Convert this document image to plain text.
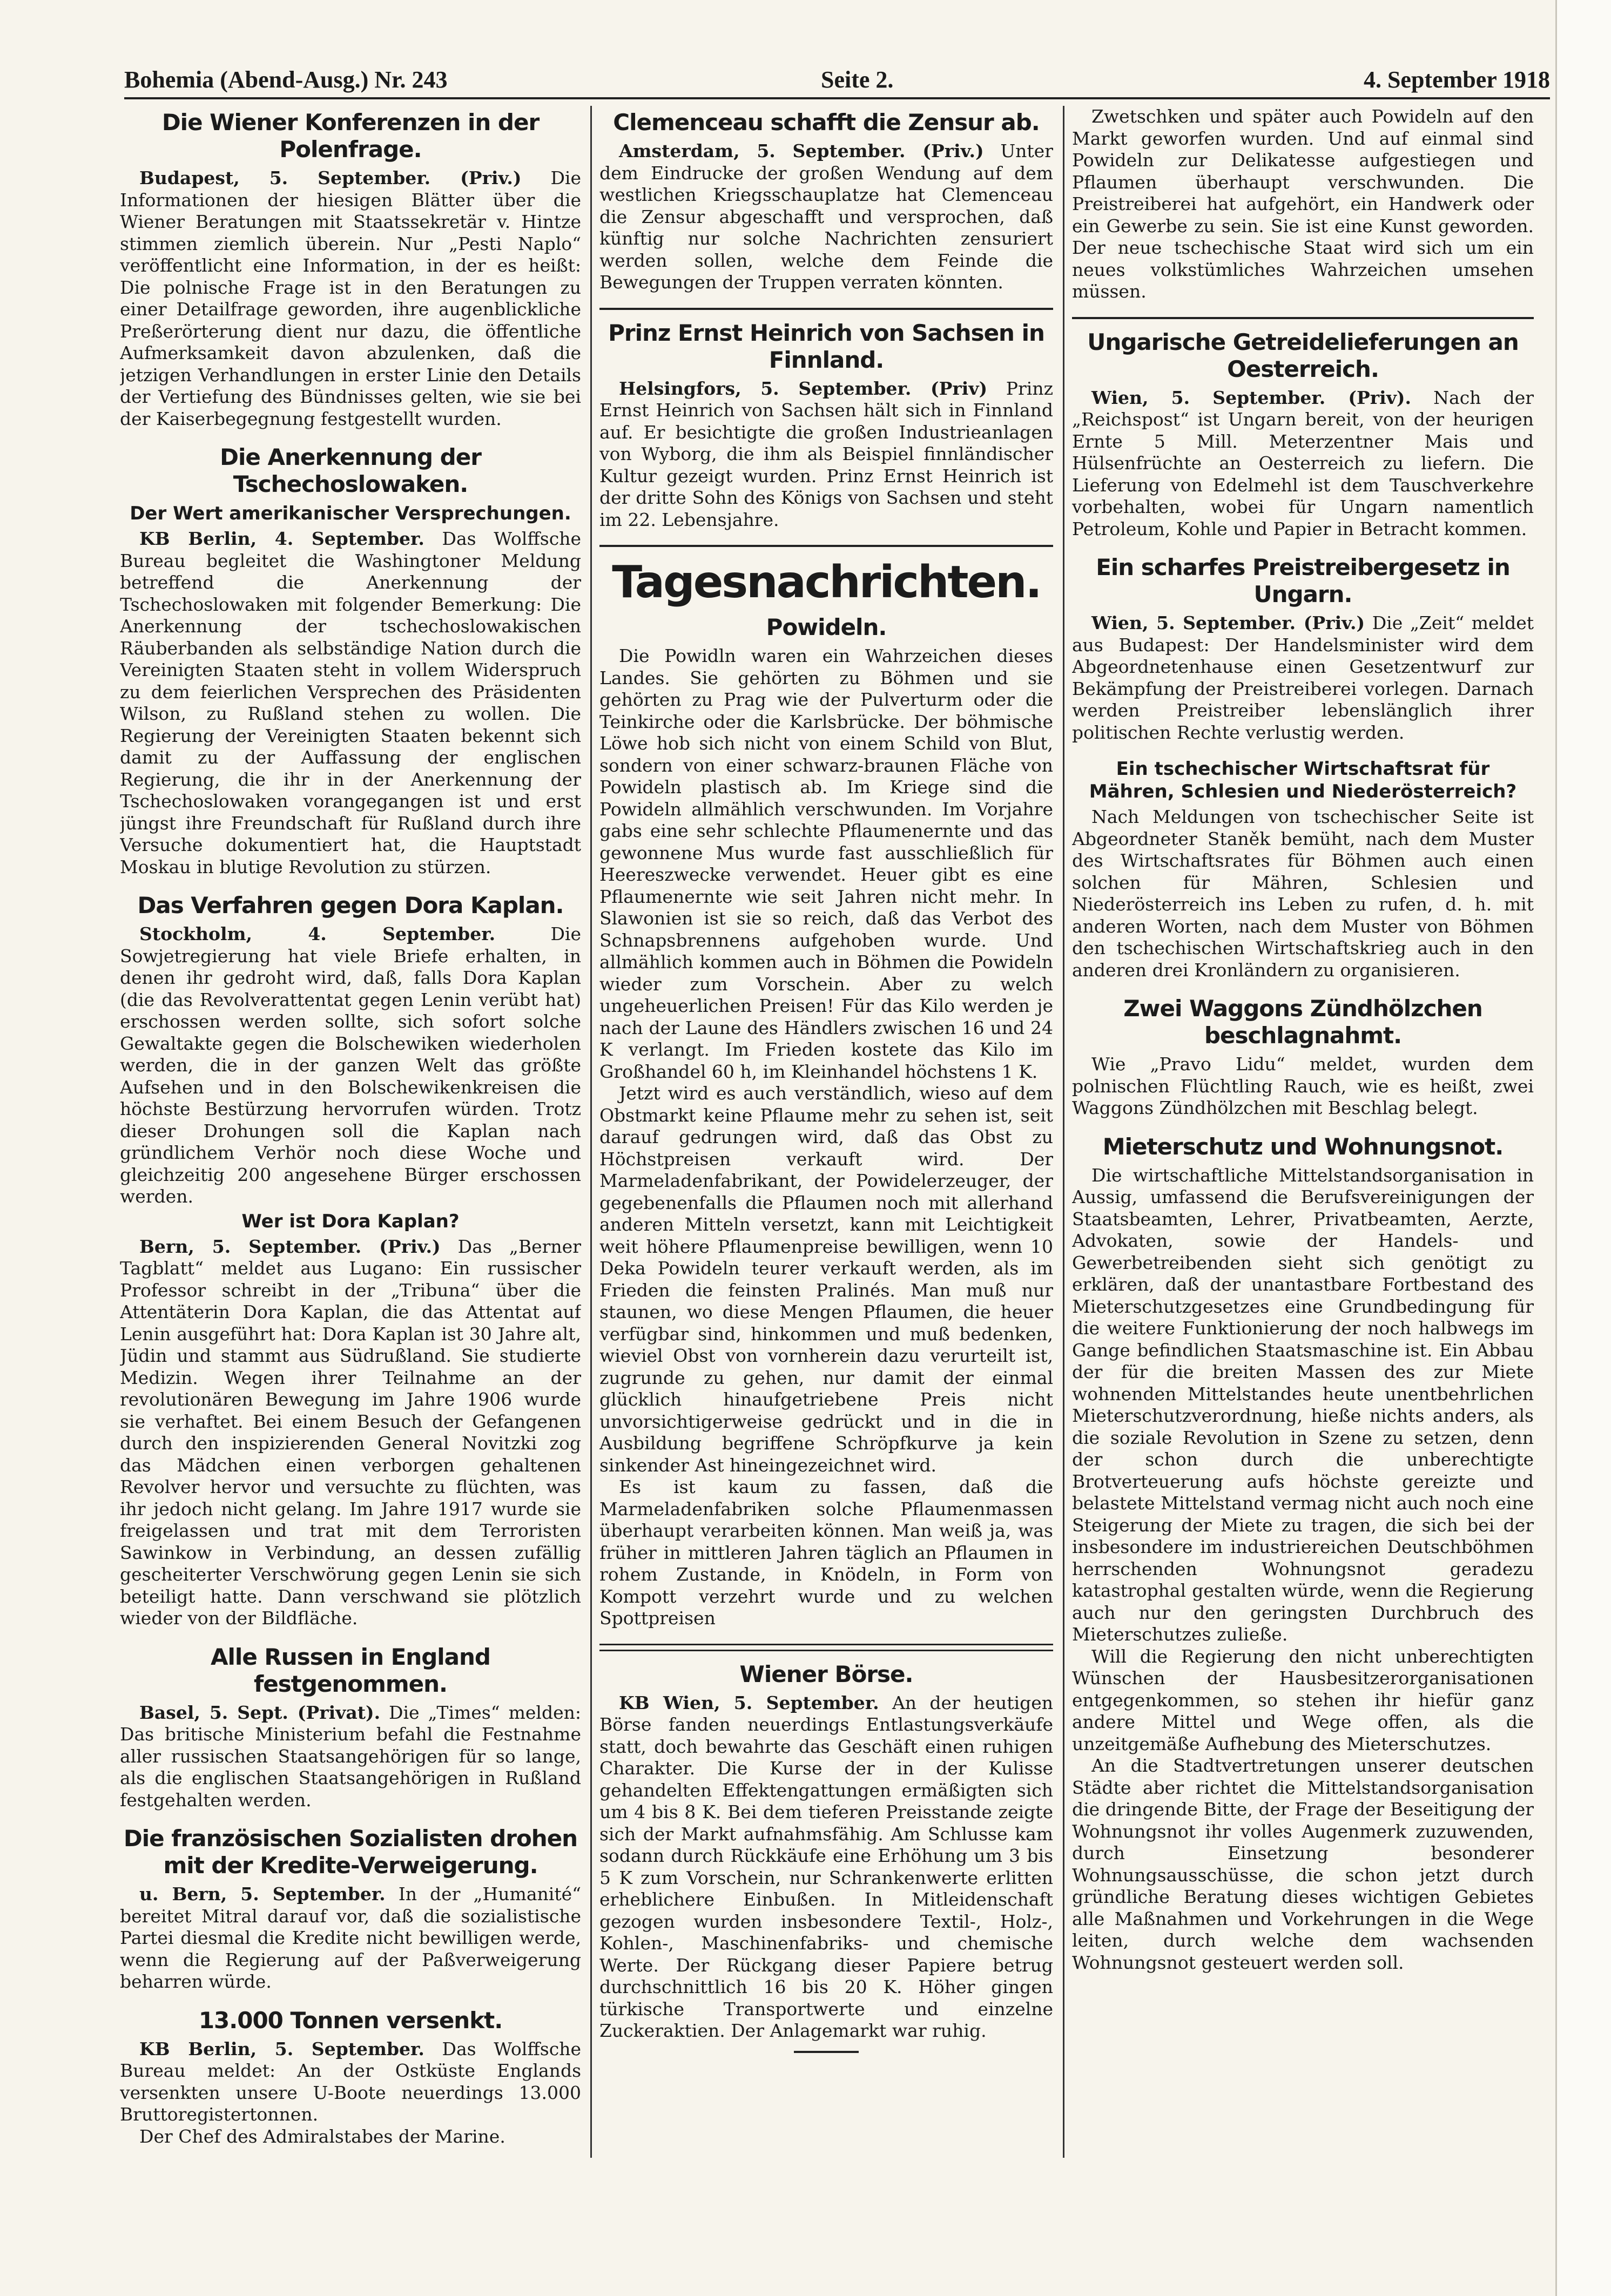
Bohemia (Abend-Ausg.) Nr. 243	Seite 2.	4. September 1918
Die Wiener Konferenzen in der Polenfrage.

Budapest, 5. September. (Priv.) Die Informationen der hiesigen Blätter über die Wiener Beratungen mit Staatssekretär v. Hintze stimmen ziemlich überein. Nur „Pesti Naplo“ veröffentlicht eine Information, in der es heißt: Die polnische Frage ist in den Beratungen zu einer Detailfrage geworden, ihre augenblickliche Preßerörterung dient nur dazu, die öffentliche Aufmerksamkeit davon abzulenken, daß die jetzigen Verhandlungen in erster Linie den Details der Vertiefung des Bündnisses gelten, wie sie bei der Kaiserbegegnung festgestellt wurden.

Die Anerkennung der Tschechoslowaken.
Der Wert amerikanischer Versprechungen.

KB Berlin, 4. September. Das Wolffsche Bureau begleitet die Washingtoner Meldung betreffend die Anerkennung der Tschechoslowaken mit folgender Bemerkung: Die Anerkennung der tschechoslowakischen Räuberbanden als selbständige Nation durch die Vereinigten Staaten steht in vollem Widerspruch zu dem feierlichen Versprechen des Präsidenten Wilson, zu Rußland stehen zu wollen. Die Regierung der Vereinigten Staaten bekennt sich damit zu der Auffassung der englischen Regierung, die ihr in der Anerkennung der Tschechoslowaken vorangegangen ist und erst jüngst ihre Freundschaft für Rußland durch ihre Versuche dokumentiert hat, die Hauptstadt Moskau in blutige Revolution zu stürzen.

Das Verfahren gegen Dora Kaplan.

Stockholm, 4. September.	Die Sowjetregierung hat viele Briefe erhalten, in denen ihr gedroht wird, daß, falls Dora Kaplan (die das Revolverattentat gegen Lenin verübt hat) erschossen werden sollte, sich sofort solche Gewaltakte gegen die Bolschewiken wiederholen werden, die in der ganzen Welt das größte Aufsehen und in den Bolschewikenkreisen die höchste Bestürzung hervorrufen würden. Trotz dieser Drohungen soll die Kaplan nach gründlichem Verhör noch diese Woche und gleichzeitig 200 angesehene Bürger erschossen werden.

Wer ist Dora Kaplan?

Bern, 5. September. (Priv.) Das „Berner Tagblatt“ meldet aus Lugano: Ein russischer Professor schreibt in der „Tribuna“ über die Attentäterin Dora Kaplan, die das Attentat auf Lenin ausgeführt hat: Dora Kaplan ist 30 Jahre alt, Jüdin und stammt aus Südrußland. Sie studierte Medizin. Wegen ihrer Teilnahme an der revolutionären Bewegung im Jahre 1906 wurde sie verhaftet. Bei einem Besuch der Gefangenen durch den inspizierenden General Novitzki zog das Mädchen einen verborgen gehaltenen Revolver hervor und versuchte zu flüchten, was ihr jedoch nicht gelang. Im Jahre 1917 wurde sie freigelassen und trat mit dem Terroristen Sawinkow in Verbindung, an dessen zufällig gescheiterter Verschwörung gegen Lenin sie sich beteiligt hatte. Dann verschwand sie plötzlich wieder von der Bildfläche.

Alle Russen in England festgenommen.

Basel, 5. Sept. (Privat). Die „Times“ melden: Das britische Ministerium befahl die Festnahme aller russischen Staatsangehörigen für so lange, als die englischen Staatsangehörigen in Rußland festgehalten werden.

Die französischen Sozialisten drohen mit der Kredite-Verweigerung.

u. Bern, 5. September. In der „Humanité“ bereitet Mitral darauf vor, daß die sozialistische Partei diesmal die Kredite nicht bewilligen werde, wenn die Regierung auf der Paßverweigerung beharren würde.

13.000 Tonnen versenkt.

KB Berlin, 5. September. Das Wolffsche Bureau meldet: An der Ostküste Englands versenkten unsere U-Boote neuerdings 13.000 Bruttoregistertonnen.

Der Chef des Admiralstabes der Marine.

Clemenceau schafft die Zensur ab.

Amsterdam, 5. September. (Priv.) Unter dem Eindrucke der großen Wendung auf dem westlichen Kriegsschauplatze hat Clemenceau die Zensur abgeschafft und versprochen, daß künftig nur solche Nachrichten zensuriert werden sollen, welche dem Feinde die Bewegungen der Truppen verraten könnten.

Prinz Ernst Heinrich von Sachsen in Finnland.

Helsingfors, 5. September. (Priv) Prinz Ernst Heinrich von Sachsen hält sich in Finnland auf. Er besichtigte die großen Industrieanlagen von Wyborg, die ihm als Beispiel finnländischer Kultur gezeigt wurden. Prinz Ernst Heinrich ist der dritte Sohn des Königs von Sachsen und steht im 22. Lebensjahre.

Tagesnachrichten.
Powideln.

Die Powidln waren ein Wahrzeichen dieses Landes. Sie gehörten zu Böhmen und sie gehörten zu Prag wie der Pulverturm oder die Teinkirche oder die Karlsbrücke. Der böhmische Löwe hob sich nicht von einem Schild von Blut, sondern von einer schwarz-braunen Fläche von Powideln plastisch ab. Im Kriege sind die Powideln allmählich verschwunden. Im Vorjahre gabs eine sehr schlechte Pflaumenernte und das gewonnene Mus wurde fast ausschließlich für Heereszwecke verwendet. Heuer gibt es eine Pflaumenernte wie seit Jahren nicht mehr. In Slawonien ist sie so reich, daß das Verbot des Schnapsbrennens aufgehoben wurde. Und allmählich kommen auch in Böhmen die Powideln wieder zum Vorschein. Aber zu welch ungeheuerlichen Preisen! Für das Kilo werden je nach der Laune des Händlers zwischen 16 und 24 K verlangt. Im Frieden kostete das Kilo im Großhandel 60 h, im Kleinhandel höchstens 1 K.

Jetzt wird es auch verständlich, wieso auf dem Obstmarkt keine Pflaume mehr zu sehen ist, seit darauf gedrungen wird, daß das Obst zu Höchstpreisen verkauft wird. Der Marmeladenfabrikant, der Powidelerzeuger, der gegebenenfalls die Pflaumen noch mit allerhand anderen Mitteln versetzt, kann mit Leichtigkeit weit höhere Pflaumenpreise bewilligen, wenn 10 Deka Powideln teurer verkauft werden, als im Frieden die feinsten Pralinés. Man muß nur staunen, wo diese Mengen Pflaumen, die heuer verfügbar sind, hinkommen und muß bedenken, wieviel Obst von vornherein dazu verurteilt ist, zugrunde zu gehen, nur damit der einmal glücklich hinaufgetriebene Preis nicht unvorsichtigerweise gedrückt und in die in Ausbildung begriffene Schröpfkurve ja kein sinkender Ast hineingezeichnet wird.

Es ist kaum zu fassen, daß die Marmeladenfabriken solche Pflaumenmassen überhaupt verarbeiten können. Man weiß ja, was früher in mittleren Jahren täglich an Pflaumen in rohem Zustande, in Knödeln, in Form von Kompott verzehrt wurde und zu welchen Spottpreisen

Wiener Börse.

KB Wien, 5. September. An der heutigen Börse fanden neuerdings Entlastungsverkäufe statt, doch bewahrte das Geschäft einen ruhigen Charakter. Die Kurse der in der Kulisse gehandelten Effektengattungen ermäßigten sich um 4 bis 8 K. Bei dem tieferen Preisstande zeigte sich der Markt aufnahmsfähig. Am Schlusse kam sodann durch Rückkäufe eine Erhöhung um 3 bis 5 K zum Vorschein, nur Schrankenwerte erlitten erheblichere Einbußen. In Mitleidenschaft gezogen wurden insbesondere Textil-, Holz-, Kohlen-, Maschinenfabriks- und chemische Werte. Der Rückgang dieser Papiere betrug durchschnittlich 16 bis 20 K. Höher gingen türkische Transportwerte und einzelne Zuckeraktien. Der Anlagemarkt war ruhig.

Zwetschken und später auch Powideln auf den Markt geworfen wurden. Und auf einmal sind Powideln zur Delikatesse aufgestiegen und Pflaumen überhaupt verschwunden. Die Preistreiberei hat aufgehört, ein Handwerk oder ein Gewerbe zu sein. Sie ist eine Kunst geworden. Der neue tschechische Staat wird sich um ein neues volkstümliches Wahrzeichen umsehen müssen.

Ungarische Getreidelieferungen an Oesterreich.

Wien, 5. September. (Priv). Nach der „Reichspost“ ist Ungarn bereit, von der heurigen Ernte 5 Mill. Meterzentner Mais und Hülsenfrüchte an Oesterreich zu liefern. Die Lieferung von Edelmehl ist dem Tauschverkehre vorbehalten, wobei für Ungarn namentlich Petroleum, Kohle und Papier in Betracht kommen.

Ein scharfes Preistreibergesetz in Ungarn.

Wien, 5. September. (Priv.) Die „Zeit“ meldet aus Budapest: Der Handelsminister wird dem Abgeordnetenhause einen Gesetzentwurf zur Bekämpfung der Preistreiberei vorlegen. Darnach werden Preistreiber lebenslänglich ihrer politischen Rechte verlustig werden.

Ein tschechischer Wirtschaftsrat für Mähren, Schlesien und Niederösterreich?

Nach Meldungen von tschechischer Seite ist Abgeordneter Staněk bemüht, nach dem Muster des Wirtschaftsrates für Böhmen auch einen solchen für Mähren, Schlesien und Niederösterreich ins Leben zu rufen, d. h. mit anderen Worten, nach dem Muster von Böhmen den tschechischen Wirtschaftskrieg auch in den anderen drei Kronländern zu organisieren.

Zwei Waggons Zündhölzchen beschlagnahmt.

Wie „Pravo Lidu“ meldet, wurden dem polnischen Flüchtling Rauch, wie es heißt, zwei Waggons Zündhölzchen mit Beschlag belegt.

Mieterschutz und Wohnungsnot.

Die wirtschaftliche Mittelstandsorganisation in Aussig, umfassend die Berufsvereinigungen der Staatsbeamten, Lehrer, Privatbeamten, Aerzte, Advokaten, sowie der Handels- und Gewerbetreibenden sieht sich genötigt zu erklären, daß der unantastbare Fortbestand des Mieterschutzgesetzes eine Grundbedingung für die weitere Funktionierung der noch halbwegs im Gange befindlichen Staatsmaschine ist. Ein Abbau der für die breiten Massen des zur Miete wohnenden Mittelstandes heute unentbehrlichen Mieterschutzverordnung, hieße nichts anders, als die soziale Revolution in Szene zu setzen, denn der schon durch die unberechtigte Brotverteuerung aufs höchste gereizte und belastete Mittelstand vermag nicht auch noch eine Steigerung der Miete zu tragen, die sich bei der insbesondere im industriereichen Deutschböhmen herrschenden Wohnungsnot geradezu katastrophal gestalten würde, wenn die Regierung auch nur den geringsten Durchbruch des Mieterschutzes zuließe.

Will die Regierung den nicht unberechtigten Wünschen der Hausbesitzerorganisationen entgegenkommen, so stehen ihr hiefür ganz andere Mittel und Wege offen, als die unzeitgemäße Aufhebung des Mieterschutzes.

An die Stadtvertretungen unserer deutschen Städte aber richtet die Mittelstandsorganisation die dringende Bitte, der Frage der Beseitigung der Wohnungsnot ihr volles Augenmerk zuzuwenden, durch Einsetzung besonderer Wohnungsausschüsse, die schon jetzt durch gründliche Beratung dieses wichtigen Gebietes alle Maßnahmen und Vorkehrungen in die Wege leiten, durch welche dem wachsenden Wohnungsnot gesteuert werden soll.
